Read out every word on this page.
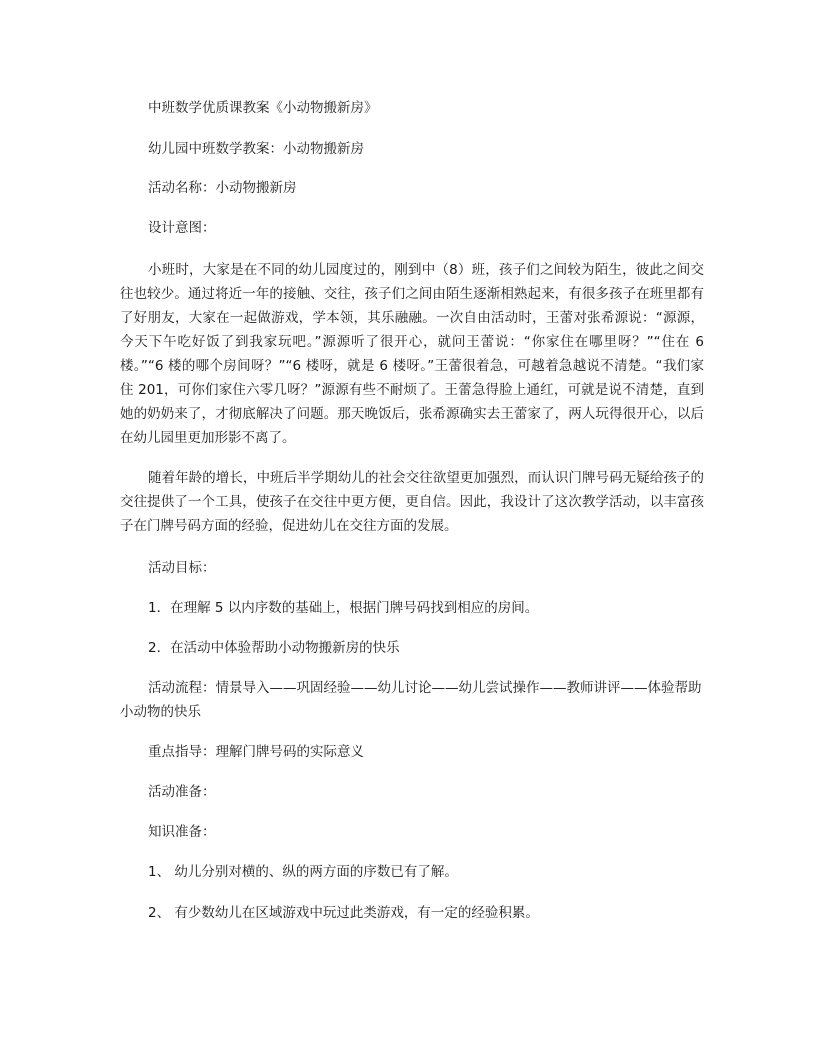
中班数学优质课教案《小动物搬新房》

幼儿园中班数学教案：小动物搬新房

活动名称：小动物搬新房

设计意图：

小班时，大家是在不同的幼儿园度过的，刚到中（8）班，孩子们之间较为陌生，彼此之间交往也较少。通过将近一年的接触、交往，孩子们之间由陌生逐渐相熟起来，有很多孩子在班里都有了好朋友，大家在一起做游戏，学本领，其乐融融。一次自由活动时，王蕾对张希源说：“源源，今天下午吃好饭了到我家玩吧。”源源听了很开心，就问王蕾说：“你家住在哪里呀？”“住在 6 楼。”“6 楼的哪个房间呀？”“6 楼呀，就是 6 楼呀。”王蕾很着急，可越着急越说不清楚。“我们家住 201，可你们家住六零几呀？”源源有些不耐烦了。王蕾急得脸上通红，可就是说不清楚，直到她的奶奶来了，才彻底解决了问题。那天晚饭后，张希源确实去王蕾家了，两人玩得很开心，以后在幼儿园里更加形影不离了。

随着年龄的增长，中班后半学期幼儿的社会交往欲望更加强烈，而认识门牌号码无疑给孩子的交往提供了一个工具，使孩子在交往中更方便，更自信。因此，我设计了这次教学活动，以丰富孩子在门牌号码方面的经验，促进幼儿在交往方面的发展。

活动目标：

1．在理解 5 以内序数的基础上，根据门牌号码找到相应的房间。

2．在活动中体验帮助小动物搬新房的快乐

活动流程：情景导入——巩固经验——幼儿讨论——幼儿尝试操作——教师讲评——体验帮助小动物的快乐

重点指导：理解门牌号码的实际意义

活动准备：

知识准备：

1、 幼儿分别对横的、纵的两方面的序数已有了解。

2、 有少数幼儿在区域游戏中玩过此类游戏，有一定的经验积累。
